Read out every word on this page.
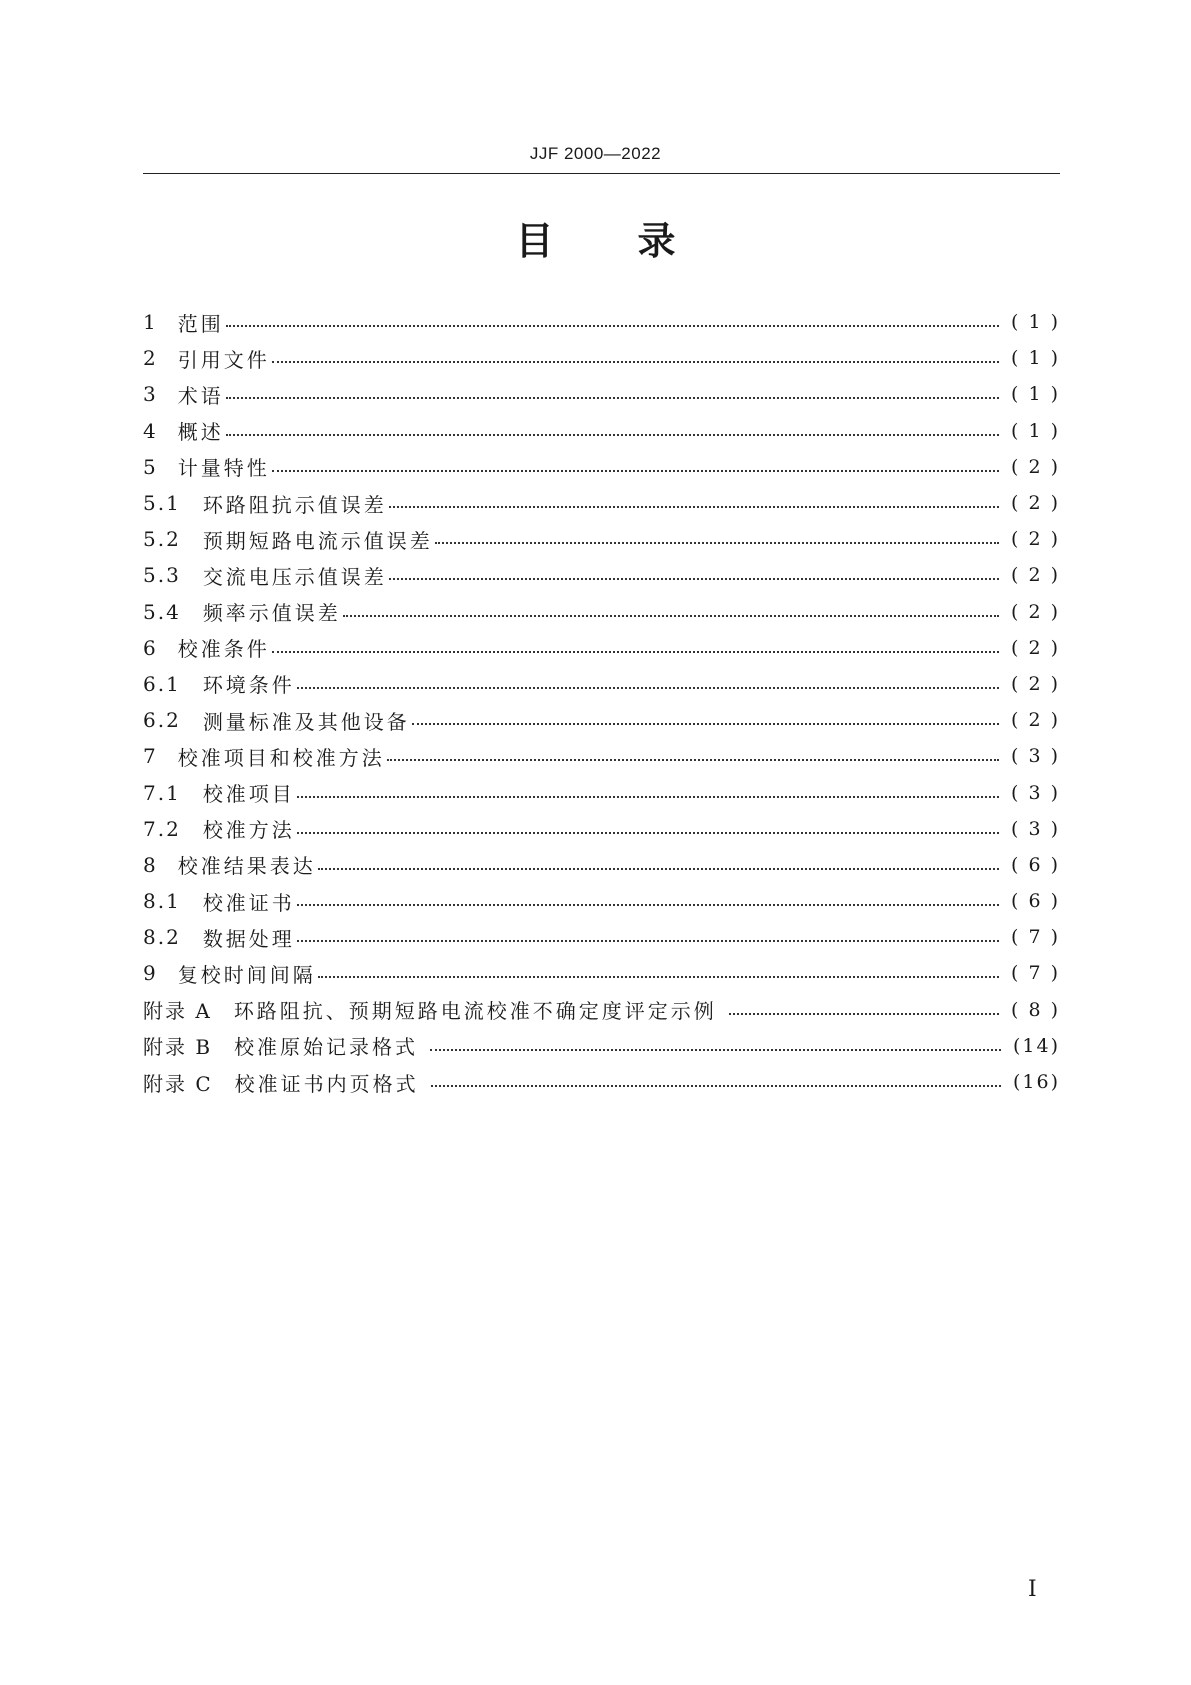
JJF 2000—2022
目 录
1 范围	( 1 )
2 引用文件	( 1 )
3 术语	( 1 )
4 概述	( 1 )
5 计量特性	( 2 )
5.1 环路阻抗示值误差	( 2 )
5.2 预期短路电流示值误差	( 2 )
5.3 交流电压示值误差	( 2 )
5.4 频率示值误差	( 2 )
6 校准条件	( 2 )
6.1 环境条件	( 2 )
6.2 测量标准及其他设备	( 2 )
7 校准项目和校准方法	( 3 )
7.1 校准项目	( 3 )
7.2 校准方法	( 3 )
8 校准结果表达	( 6 )
8.1 校准证书	( 6 )
8.2 数据处理	( 7 )
9 复校时间间隔	( 7 )
附录 A 环路阻抗、预期短路电流校准不确定度评定示例	( 8 )
附录 B 校准原始记录格式	(14)
附录 C 校准证书内页格式	(16)
I
